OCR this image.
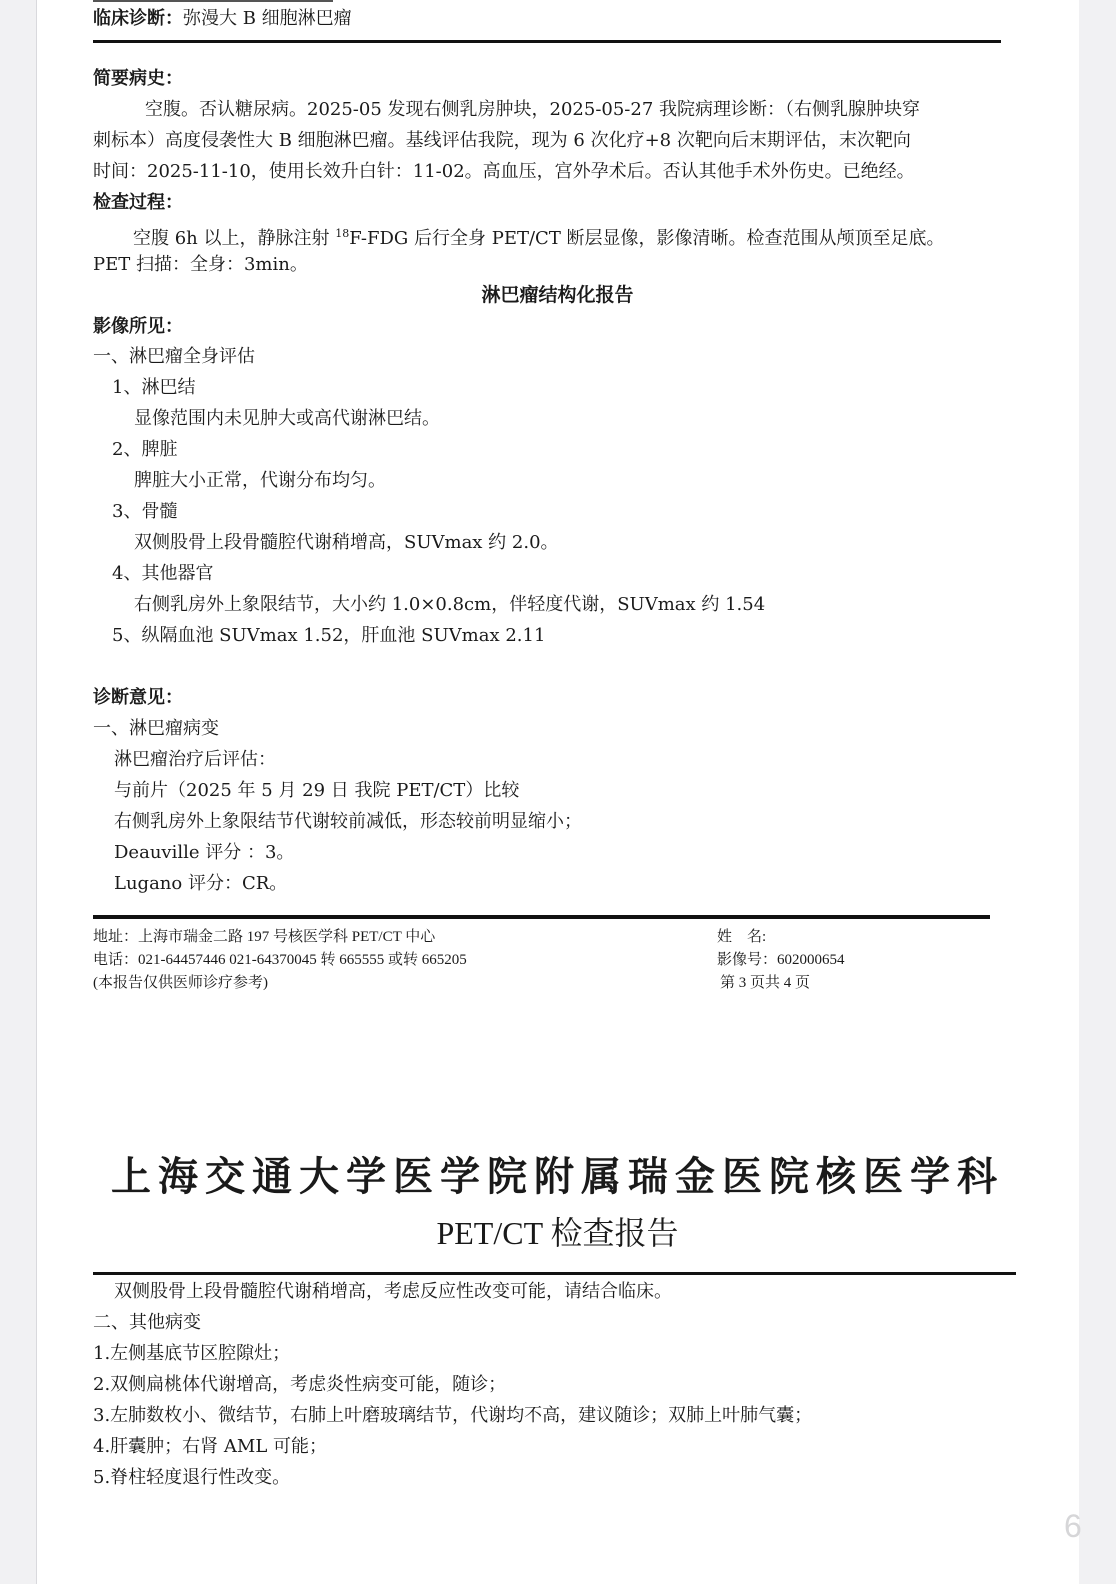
临床诊断：弥漫大 B 细胞淋巴瘤
简要病史：
空腹。否认糖尿病。2025-05 发现右侧乳房肿块，2025-05-27 我院病理诊断：（右侧乳腺肿块穿
刺标本）高度侵袭性大 B 细胞淋巴瘤。基线评估我院，现为 6 次化疗+8 次靶向后末期评估，末次靶向
时间：2025-11-10，使用长效升白针：11-02。高血压，宫外孕术后。否认其他手术外伤史。已绝经。
检查过程：
空腹 6h 以上，静脉注射 $^{18}$F-FDG 后行全身 PET/CT 断层显像，影像清晰。检查范围从颅顶至足底。
PET 扫描：全身：3min。
淋巴瘤结构化报告
影像所见：
一、淋巴瘤全身评估
1、淋巴结
显像范围内未见肿大或高代谢淋巴结。
2、脾脏
脾脏大小正常，代谢分布均匀。
3、骨髓
双侧股骨上段骨髓腔代谢稍增高，SUVmax 约 2.0。
4、其他器官
右侧乳房外上象限结节，大小约 1.0×0.8cm，伴轻度代谢，SUVmax 约 1.54
5、纵隔血池 SUVmax 1.52，肝血池 SUVmax 2.11
诊断意见：
一、淋巴瘤病变
淋巴瘤治疗后评估：
与前片（2025 年 5 月 29 日 我院 PET/CT）比较
右侧乳房外上象限结节代谢较前减低，形态较前明显缩小；
Deauville 评分 ：3。
Lugano 评分：CR。
地址：上海市瑞金二路 197 号核医学科 PET/CT 中心
电话：021-64457446 021-64370045 转 665555 或转 665205
(本报告仅供医师诊疗参考)
姓　名:
影像号：602000654
第 3 页共 4 页
上海交通大学医学院附属瑞金医院核医学科
PET/CT 检查报告
双侧股骨上段骨髓腔代谢稍增高，考虑反应性改变可能，请结合临床。
二、其他病变
1.左侧基底节区腔隙灶；
2.双侧扁桃体代谢增高，考虑炎性病变可能，随诊；
3.左肺数枚小、微结节，右肺上叶磨玻璃结节，代谢均不高，建议随诊；双肺上叶肺气囊；
4.肝囊肿；右肾 AML 可能；
5.脊柱轻度退行性改变。
6
